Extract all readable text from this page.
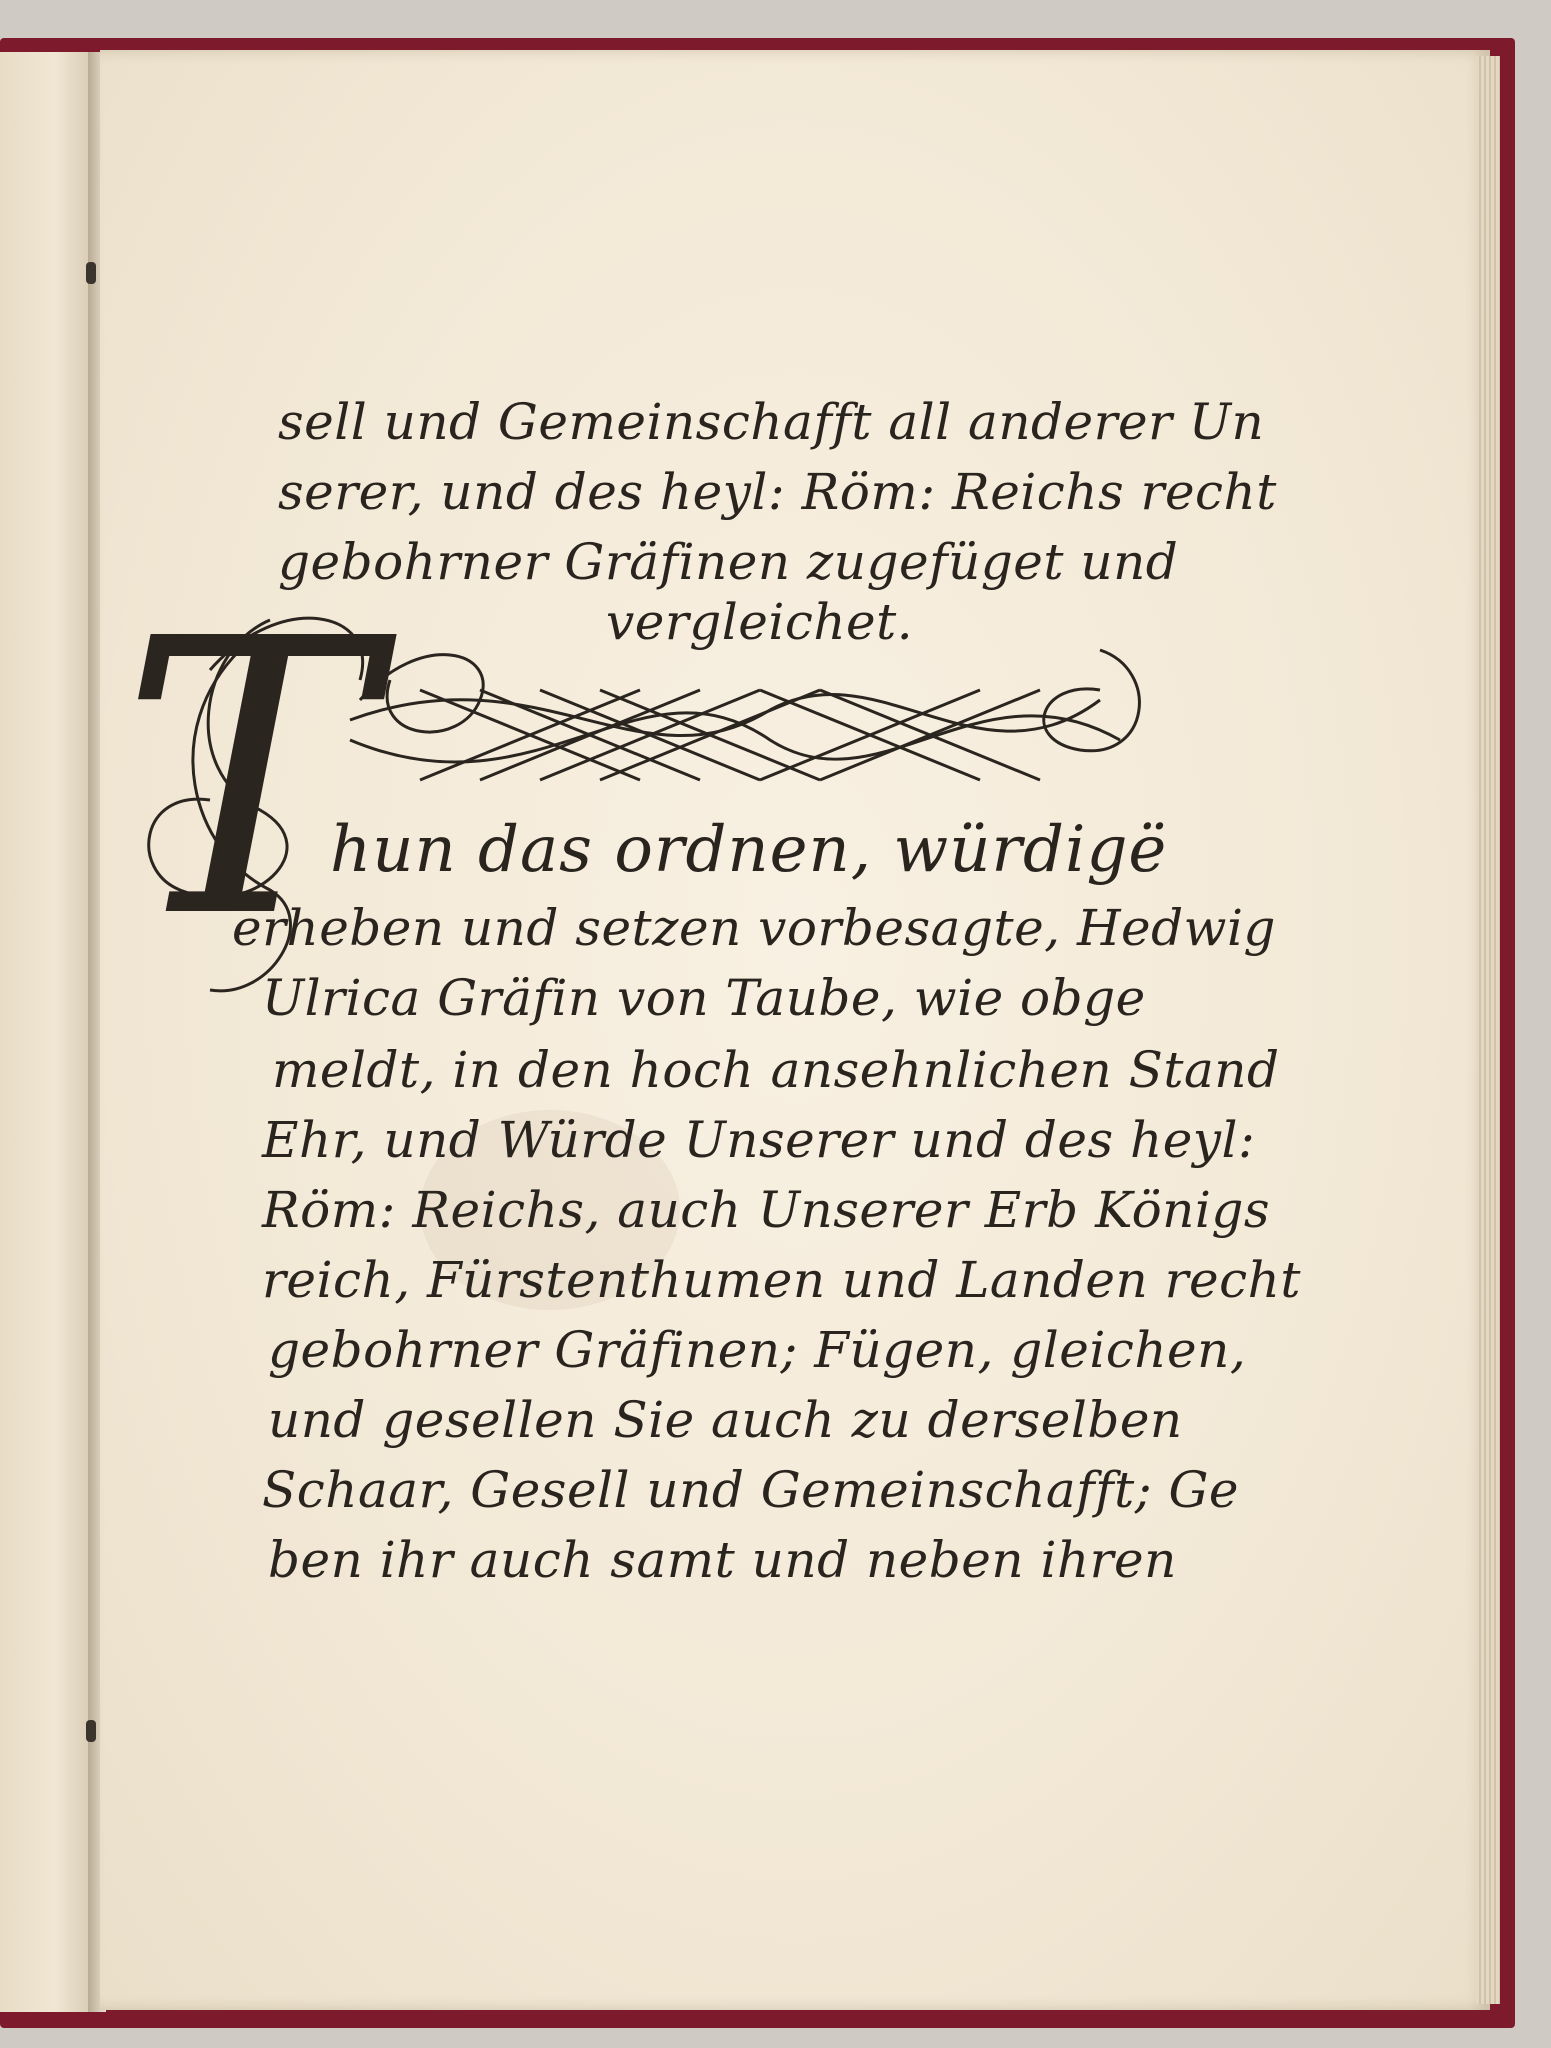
sell und Gemeinschafft all anderer Un
serer, und des heyl: Röm: Reichs recht
gebohrner Gräfinen zugefüget und
vergleichet.
T
hun das ordnen, würdigë
erheben und setzen vorbesagte, Hedwig
Ulrica Gräfin von Taube, wie obge
meldt, in den hoch ansehnlichen Stand
Ehr, und Würde Unserer und des heyl:
Röm: Reichs, auch Unserer Erb Königs
reich, Fürstenthumen und Landen recht
gebohrner Gräfinen; Fügen, gleichen,
und gesellen Sie auch zu derselben
Schaar, Gesell und Gemeinschafft; Ge
ben ihr auch samt und neben ihren
